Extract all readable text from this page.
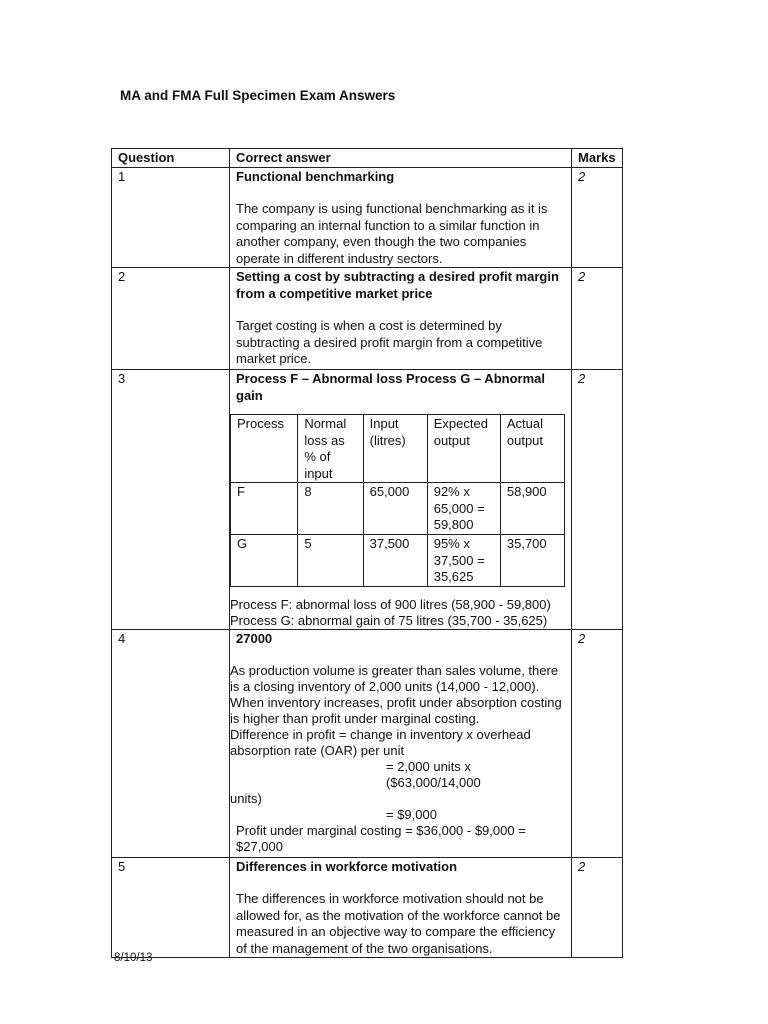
MA and FMA Full Specimen Exam Answers
Question	Correct answer	Marks
1	Functional benchmarking

The company is using functional benchmarking as it is comparing an internal function to a similar function in another company, even though the two companies operate in different industry sectors.

	2
2	Setting a cost by subtracting a desired profit margin from a competitive market price

Target costing is when a cost is determined by subtracting a desired profit margin from a competitive market price.

	2
3	Process F – Abnormal loss Process G – Abnormal gain

Process	Normal loss as % of input	Input (litres)	Expected output	Actual output
F	8	65,000	92% x 65,000 = 59,800	58,900
G	5	37,500	95% x 37,500 = 35,625	35,700

Process F: abnormal loss of 900 litres (58,900 - 59,800)

Process G: abnormal gain of 75 litres (35,700 - 35,625)

	2
4	27000

As production volume is greater than sales volume, there is a closing inventory of 2,000 units (14,000 - 12,000).

When inventory increases, profit under absorption costing is higher than profit under marginal costing.

Difference in profit = change in inventory x overhead absorption rate (OAR) per unit

= 2,000 units x ($63,000/14,000

units)

= $9,000

Profit under marginal costing = $36,000 - $9,000 = $27,000

	2
5	Differences in workforce motivation

The differences in workforce motivation should not be allowed for, as the motivation of the workforce cannot be measured in an objective way to compare the efficiency of the management of the two organisations.

	2
8/10/13
